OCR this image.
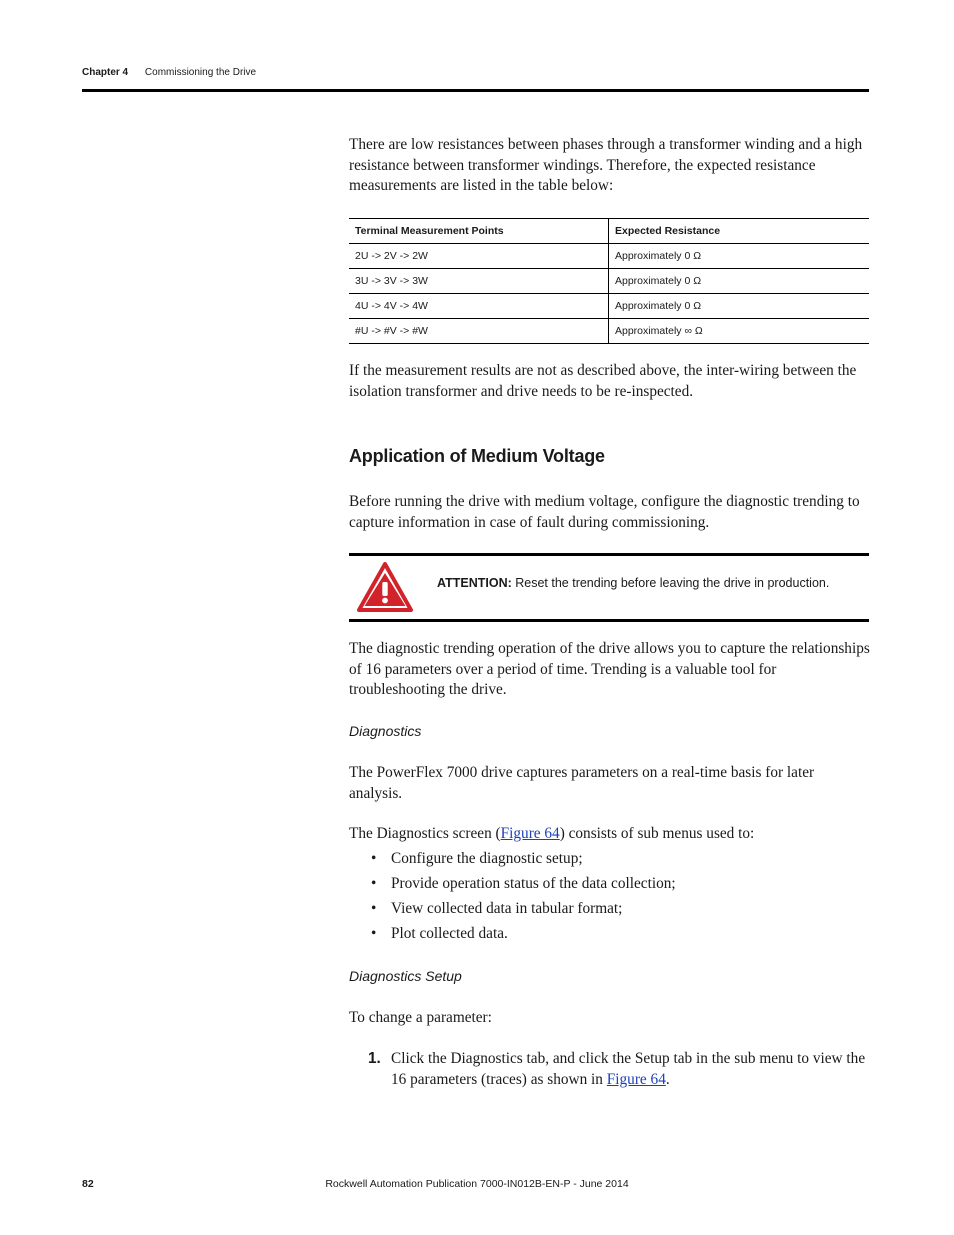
Chapter 4 Commissioning the Drive
There are low resistances between phases through a transformer winding and a high resistance between transformer windings. Therefore, the expected resistance measurements are listed in the table below:
Terminal Measurement Points	Expected Resistance
2U -> 2V -> 2W	Approximately 0 Ω
3U -> 3V -> 3W	Approximately 0 Ω
4U -> 4V -> 4W	Approximately 0 Ω
#U -> #V -> #W	Approximately ∞ Ω
If the measurement results are not as described above, the inter-wiring between the isolation transformer and drive needs to be re-inspected.
Application of Medium Voltage
Before running the drive with medium voltage, configure the diagnostic trending to capture information in case of fault during commissioning.
ATTENTION: Reset the trending before leaving the drive in production.
The diagnostic trending operation of the drive allows you to capture the relationships of 16 parameters over a period of time. Trending is a valuable tool for troubleshooting the drive.
Diagnostics
The PowerFlex 7000 drive captures parameters on a real-time basis for later analysis.
The Diagnostics screen (Figure 64) consists of sub menus used to:
• Configure the diagnostic setup;
• Provide operation status of the data collection;
• View collected data in tabular format;
• Plot collected data.
Diagnostics Setup
To change a parameter:
1. Click the Diagnostics tab, and click the Setup tab in the sub menu to view the 16 parameters (traces) as shown in Figure 64.
82	Rockwell Automation Publication 7000-IN012B-EN-P - June 2014
